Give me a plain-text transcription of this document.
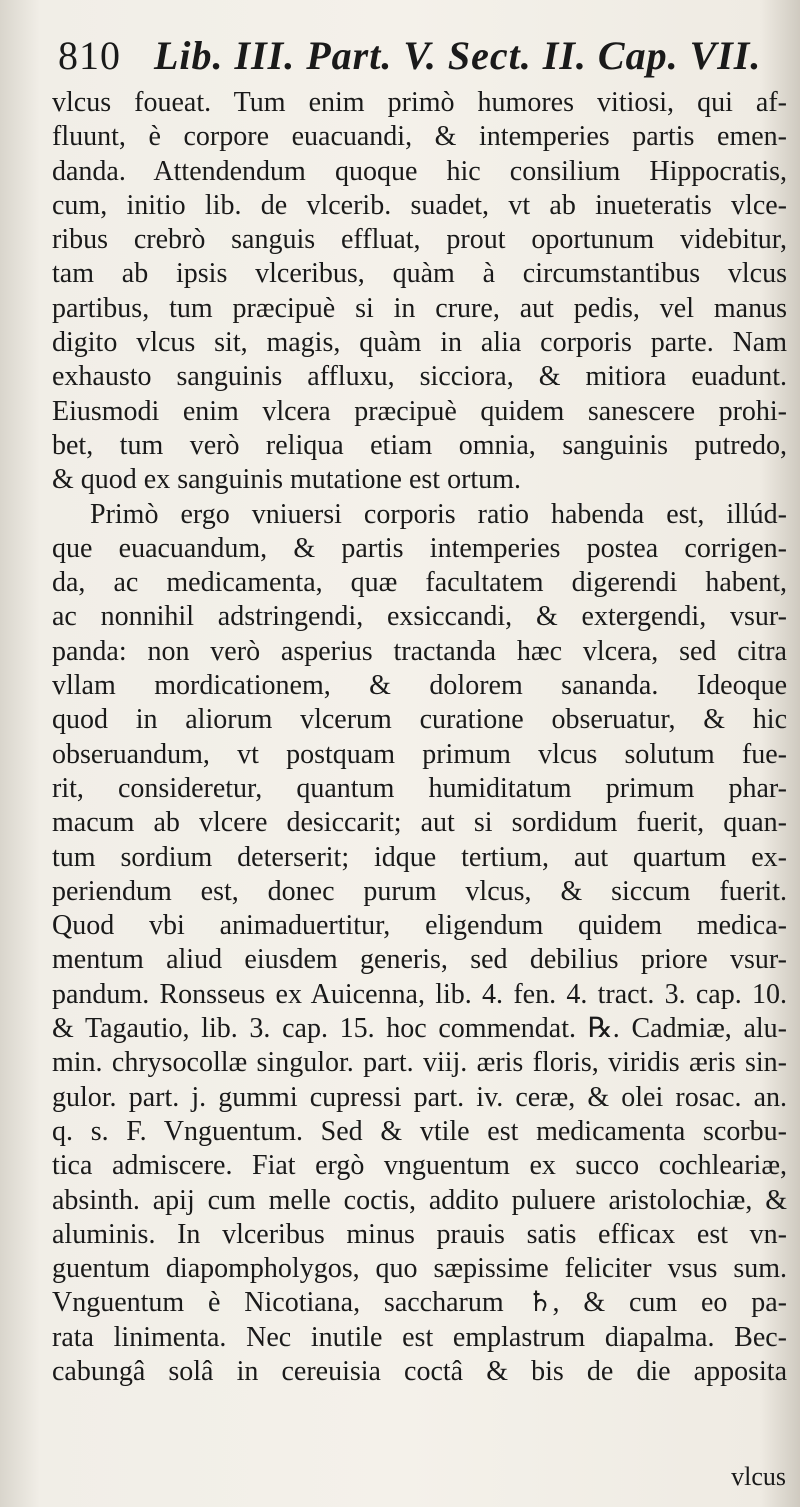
810 Lib. III. Part. V. Sect. II. Cap. VII.
vlcus foueat. Tum enim primò humores vitiosi, qui af-
fluunt, è corpore euacuandi, & intemperies partis emen-
danda. Attendendum quoque hic consilium Hippocratis,
cum, initio lib. de vlcerib. suadet, vt ab inueteratis vlce-
ribus crebrò sanguis effluat, prout oportunum videbitur,
tam ab ipsis vlceribus, quàm à circumstantibus vlcus
partibus, tum præcipuè si in crure, aut pedis, vel manus
digito vlcus sit, magis, quàm in alia corporis parte. Nam
exhausto sanguinis affluxu, sicciora, & mitiora euadunt.
Eiusmodi enim vlcera præcipuè quidem sanescere prohi-
bet, tum verò reliqua etiam omnia, sanguinis putredo,
& quod ex sanguinis mutatione est ortum.
Primò ergo vniuersi corporis ratio habenda est, illúd-
que euacuandum, & partis intemperies postea corrigen-
da, ac medicamenta, quæ facultatem digerendi habent,
ac nonnihil adstringendi, exsiccandi, & extergendi, vsur-
panda: non verò asperius tractanda hæc vlcera, sed citra
vllam mordicationem, & dolorem sananda. Ideoque
quod in aliorum vlcerum curatione obseruatur, & hic
obseruandum, vt postquam primum vlcus solutum fue-
rit, consideretur, quantum humiditatum primum phar-
macum ab vlcere desiccarit; aut si sordidum fuerit, quan-
tum sordium deterserit; idque tertium, aut quartum ex-
periendum est, donec purum vlcus, & siccum fuerit.
Quod vbi animaduertitur, eligendum quidem medica-
mentum aliud eiusdem generis, sed debilius priore vsur-
pandum. Ronsseus ex Auicenna, lib. 4. fen. 4. tract. 3. cap. 10.
& Tagautio, lib. 3. cap. 15. hoc commendat. ℞. Cadmiæ, alu-
min. chrysocollæ singulor. part. viij. æris floris, viridis æris sin-
gulor. part. j. gummi cupressi part. iv. ceræ, & olei rosac. an.
q. s. F. Vnguentum. Sed & vtile est medicamenta scorbu-
tica admiscere. Fiat ergò vnguentum ex succo cochleariæ,
absinth. apij cum melle coctis, addito puluere aristolochiæ, &
aluminis. In vlceribus minus prauis satis efficax est vn-
guentum diapompholygos, quo sæpissime feliciter vsus sum.
Vnguentum è Nicotiana, saccharum ♄, & cum eo pa-
rata linimenta. Nec inutile est emplastrum diapalma. Bec-
cabungâ solâ in cereuisia coctâ & bis de die apposita
vlcus
